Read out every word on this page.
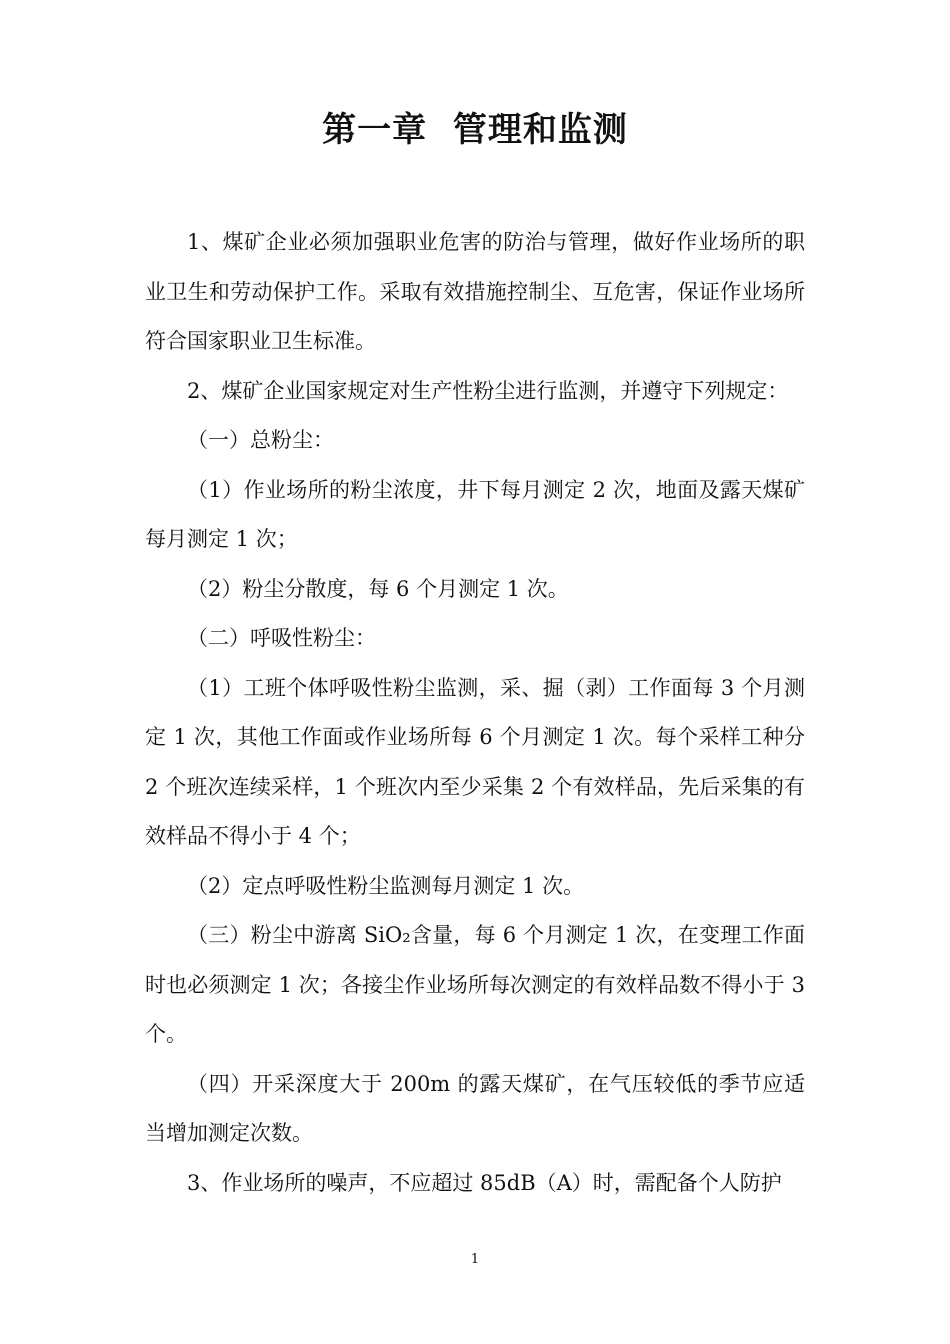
第一章  管理和监测

1、煤矿企业必须加强职业危害的防治与管理，做好作业场所的职业卫生和劳动保护工作。采取有效措施控制尘、互危害，保证作业场所符合国家职业卫生标准。

2、煤矿企业国家规定对生产性粉尘进行监测，并遵守下列规定：

（一）总粉尘：

（1）作业场所的粉尘浓度，井下每月测定 2 次，地面及露天煤矿每月测定 1 次；

（2）粉尘分散度，每 6 个月测定 1 次。

（二）呼吸性粉尘：

（1）工班个体呼吸性粉尘监测，采、掘（剥）工作面每 3 个月测定 1 次，其他工作面或作业场所每 6 个月测定 1 次。每个采样工种分 2 个班次连续采样，1 个班次内至少采集 2 个有效样品，先后采集的有效样品不得小于 4 个；

（2）定点呼吸性粉尘监测每月测定 1 次。

（三）粉尘中游离 SiO₂含量，每 6 个月测定 1 次，在变理工作面时也必须测定 1 次；各接尘作业场所每次测定的有效样品数不得小于 3 个。

（四）开采深度大于 200m 的露天煤矿，在气压较低的季节应适当增加测定次数。

3、作业场所的噪声，不应超过 85dB（A）时，需配备个人防护

1
